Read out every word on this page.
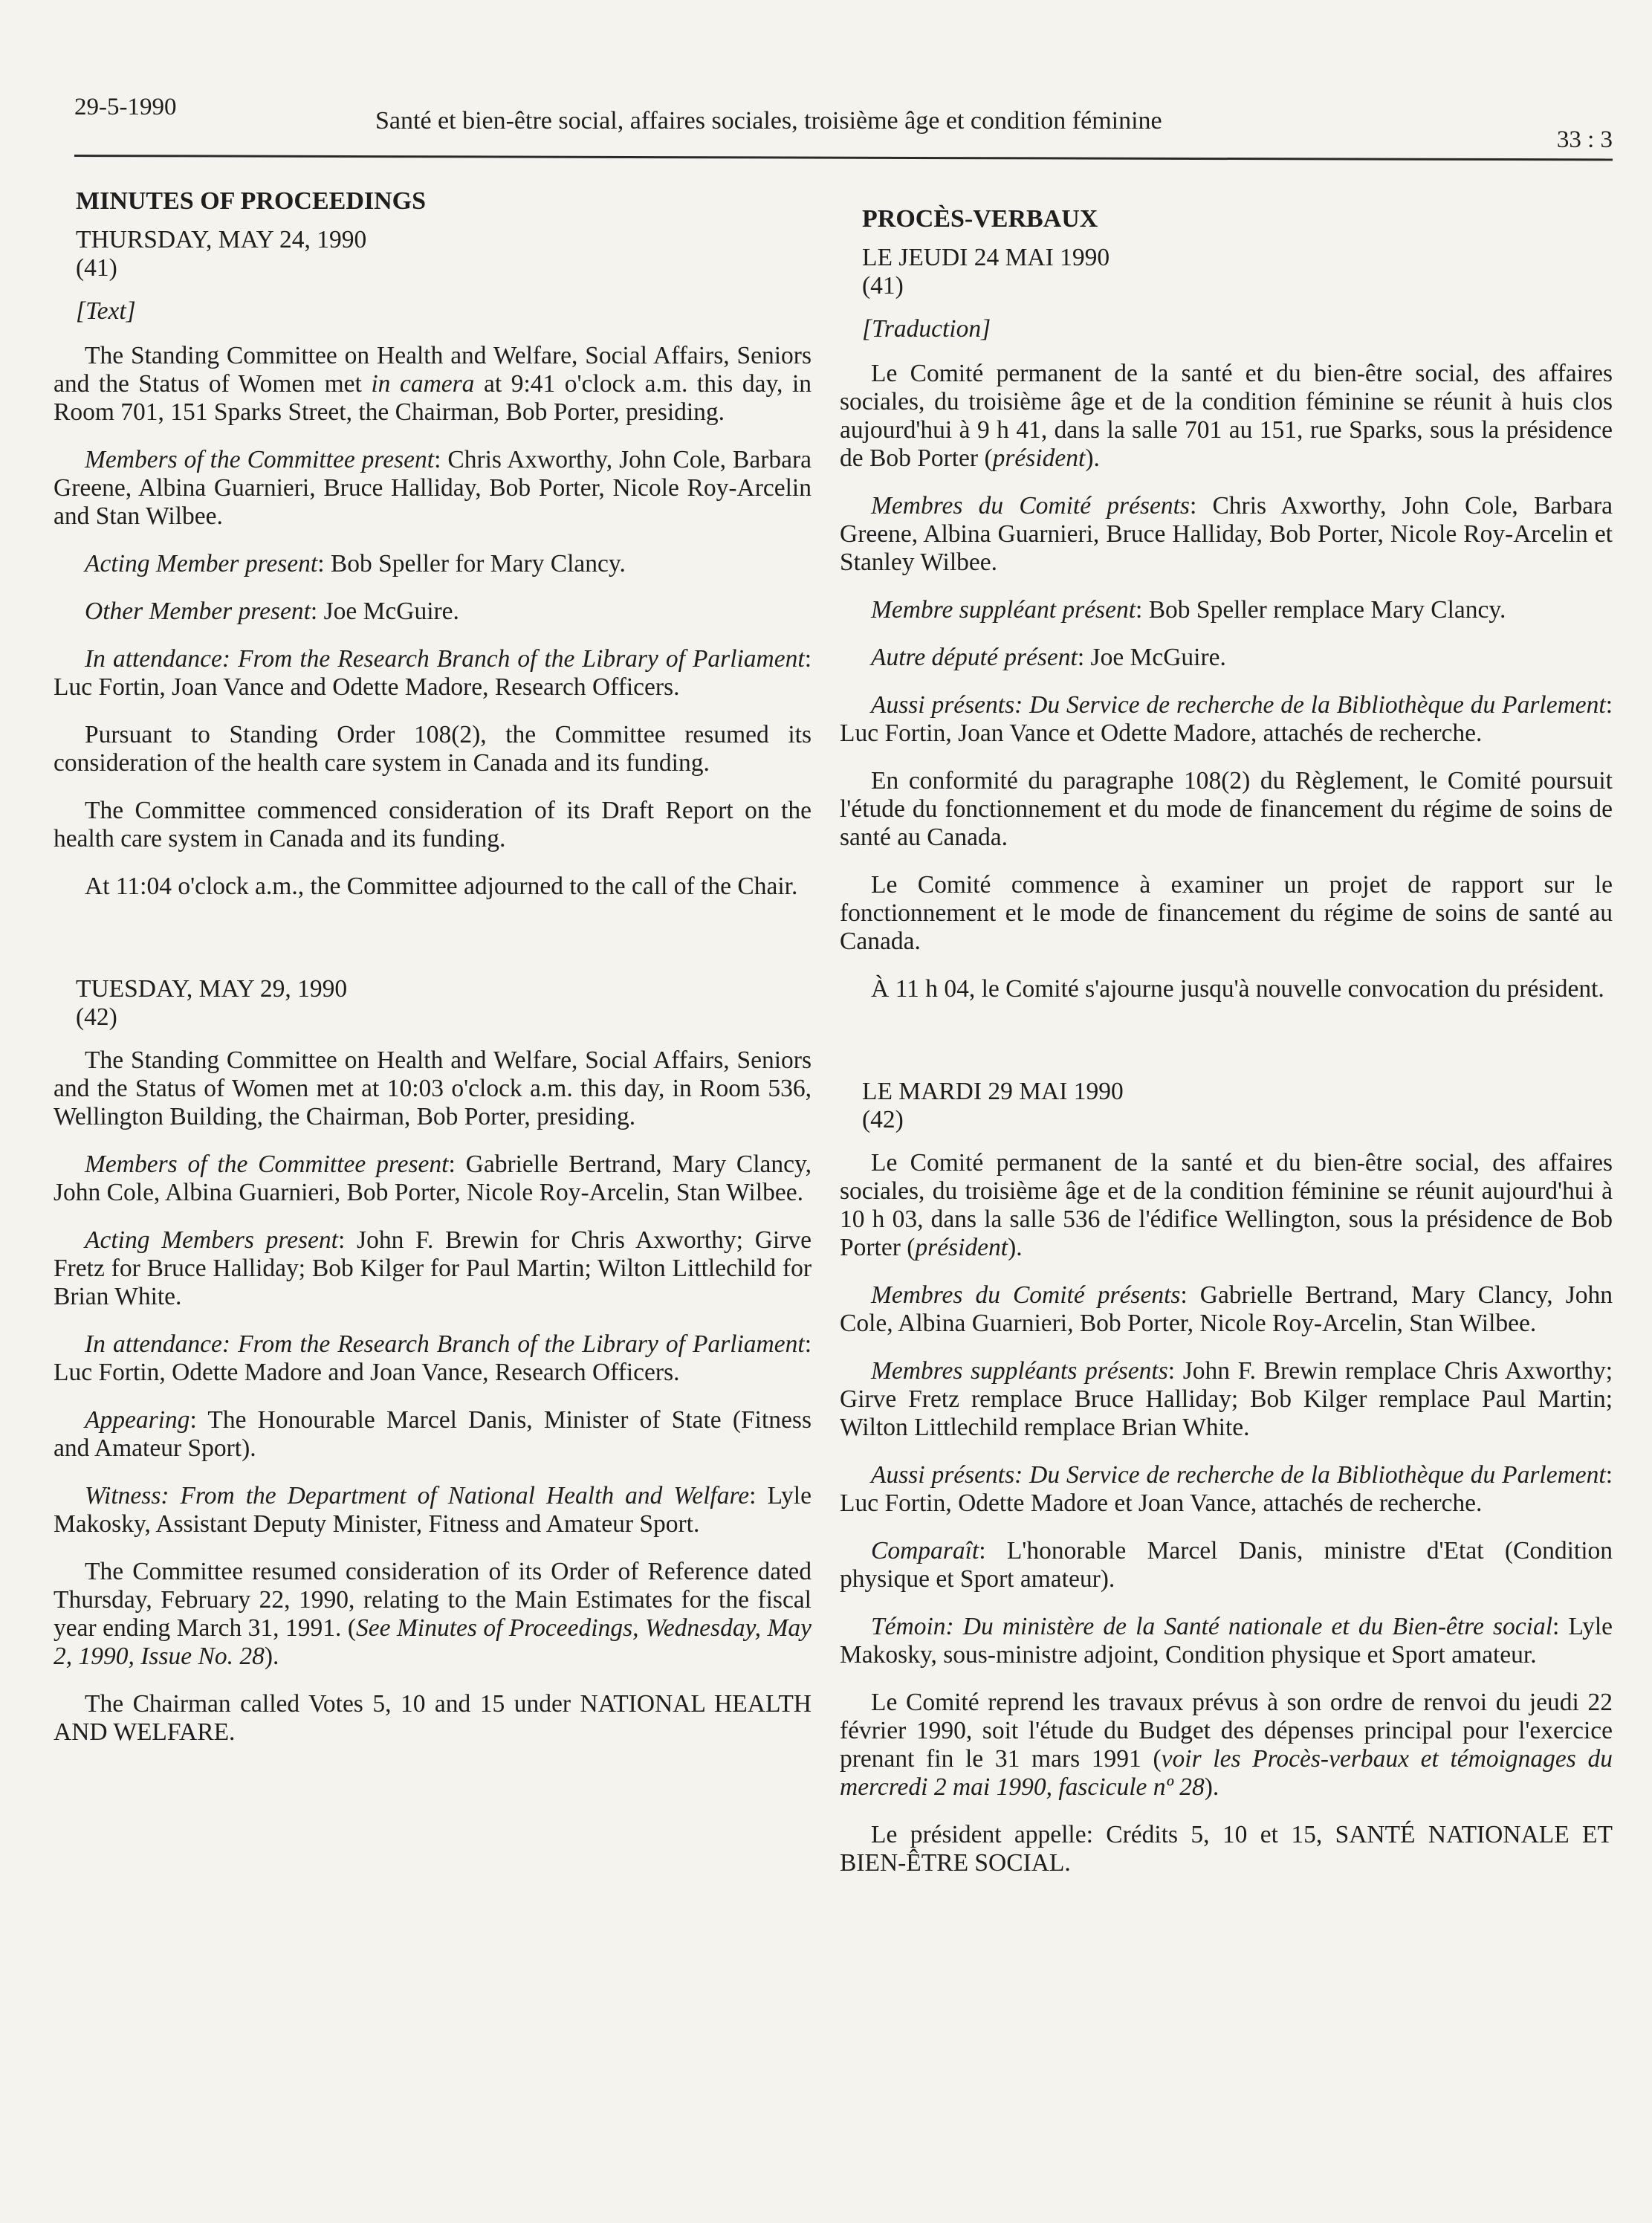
29-5-1990	Santé et bien-être social, affaires sociales, troisième âge et condition féminine
33 : 3
MINUTES OF PROCEEDINGS
THURSDAY, MAY 24, 1990
(41)
[Text]

The Standing Committee on Health and Welfare, Social Affairs, Seniors and the Status of Women met in camera at 9:41 o'clock a.m. this day, in Room 701, 151 Sparks Street, the Chairman, Bob Porter, presiding.

Members of the Committee present: Chris Axworthy, John Cole, Barbara Greene, Albina Guarnieri, Bruce Halliday, Bob Porter, Nicole Roy-Arcelin and Stan Wilbee.

Acting Member present: Bob Speller for Mary Clancy.

Other Member present: Joe McGuire.

In attendance: From the Research Branch of the Library of Parliament: Luc Fortin, Joan Vance and Odette Madore, Research Officers.

Pursuant to Standing Order 108(2), the Committee resumed its consideration of the health care system in Canada and its funding.

The Committee commenced consideration of its Draft Report on the health care system in Canada and its funding.

At 11:04 o'clock a.m., the Committee adjourned to the call of the Chair.

TUESDAY, MAY 29, 1990
(42)

The Standing Committee on Health and Welfare, Social Affairs, Seniors and the Status of Women met at 10:03 o'clock a.m. this day, in Room 536, Wellington Building, the Chairman, Bob Porter, presiding.

Members of the Committee present: Gabrielle Bertrand, Mary Clancy, John Cole, Albina Guarnieri, Bob Porter, Nicole Roy-Arcelin, Stan Wilbee.

Acting Members present: John F. Brewin for Chris Axworthy; Girve Fretz for Bruce Halliday; Bob Kilger for Paul Martin; Wilton Littlechild for Brian White.

In attendance: From the Research Branch of the Library of Parliament: Luc Fortin, Odette Madore and Joan Vance, Research Officers.

Appearing: The Honourable Marcel Danis, Minister of State (Fitness and Amateur Sport).

Witness: From the Department of National Health and Welfare: Lyle Makosky, Assistant Deputy Minister, Fitness and Amateur Sport.

The Committee resumed consideration of its Order of Reference dated Thursday, February 22, 1990, relating to the Main Estimates for the fiscal year ending March 31, 1991. (See Minutes of Proceedings, Wednesday, May 2, 1990, Issue No. 28).

The Chairman called Votes 5, 10 and 15 under NATIONAL HEALTH AND WELFARE.

PROCÈS-VERBAUX
LE JEUDI 24 MAI 1990
(41)
[Traduction]

Le Comité permanent de la santé et du bien-être social, des affaires sociales, du troisième âge et de la condition féminine se réunit à huis clos aujourd'hui à 9 h 41, dans la salle 701 au 151, rue Sparks, sous la présidence de Bob Porter (président).

Membres du Comité présents: Chris Axworthy, John Cole, Barbara Greene, Albina Guarnieri, Bruce Halliday, Bob Porter, Nicole Roy-Arcelin et Stanley Wilbee.

Membre suppléant présent: Bob Speller remplace Mary Clancy.

Autre député présent: Joe McGuire.

Aussi présents: Du Service de recherche de la Bibliothèque du Parlement: Luc Fortin, Joan Vance et Odette Madore, attachés de recherche.

En conformité du paragraphe 108(2) du Règlement, le Comité poursuit l'étude du fonctionnement et du mode de financement du régime de soins de santé au Canada.

Le Comité commence à examiner un projet de rapport sur le fonctionnement et le mode de financement du régime de soins de santé au Canada.

À 11 h 04, le Comité s'ajourne jusqu'à nouvelle convocation du président.

LE MARDI 29 MAI 1990
(42)

Le Comité permanent de la santé et du bien-être social, des affaires sociales, du troisième âge et de la condition féminine se réunit aujourd'hui à 10 h 03, dans la salle 536 de l'édifice Wellington, sous la présidence de Bob Porter (président).

Membres du Comité présents: Gabrielle Bertrand, Mary Clancy, John Cole, Albina Guarnieri, Bob Porter, Nicole Roy-Arcelin, Stan Wilbee.

Membres suppléants présents: John F. Brewin remplace Chris Axworthy; Girve Fretz remplace Bruce Halliday; Bob Kilger remplace Paul Martin; Wilton Littlechild remplace Brian White.

Aussi présents: Du Service de recherche de la Bibliothèque du Parlement: Luc Fortin, Odette Madore et Joan Vance, attachés de recherche.

Comparaît: L'honorable Marcel Danis, ministre d'Etat (Condition physique et Sport amateur).

Témoin: Du ministère de la Santé nationale et du Bien-être social: Lyle Makosky, sous-ministre adjoint, Condition physique et Sport amateur.

Le Comité reprend les travaux prévus à son ordre de renvoi du jeudi 22 février 1990, soit l'étude du Budget des dépenses principal pour l'exercice prenant fin le 31 mars 1991 (voir les Procès-verbaux et témoignages du mercredi 2 mai 1990, fascicule nº 28).

Le président appelle: Crédits 5, 10 et 15, SANTÉ NATIONALE ET BIEN-ÊTRE SOCIAL.
